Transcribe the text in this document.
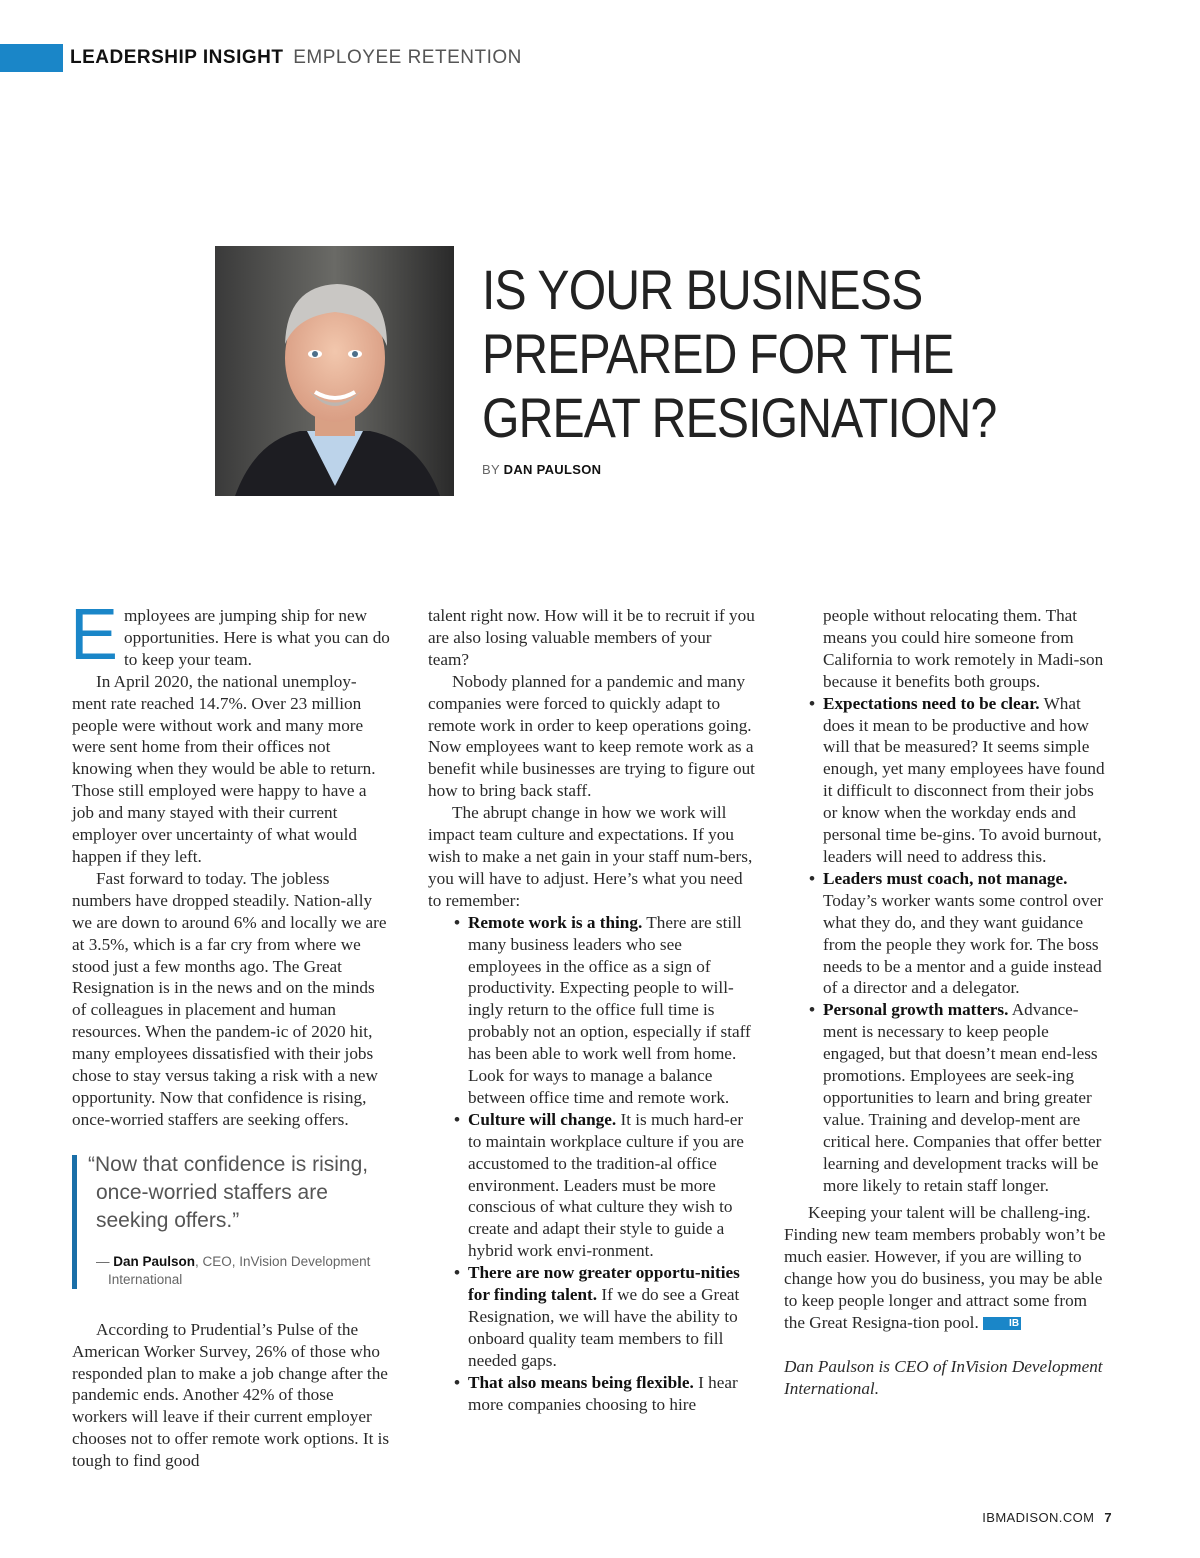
LEADERSHIP INSIGHT EMPLOYEE RETENTION
IS YOUR BUSINESS
PREPARED FOR THE
GREAT RESIGNATION?
BY DAN PAULSON

Employees are jumping ship for new opportunities. Here is what you can do to keep your team.

In April 2020, the national unemploy-ment rate reached 14.7%. Over 23 million people were without work and many more were sent home from their offices not knowing when they would be able to return. Those still employed were happy to have a job and many stayed with their current employer over uncertainty of what would happen if they left.

Fast forward to today. The jobless numbers have dropped steadily. Nation-ally we are down to around 6% and locally we are at 3.5%, which is a far cry from where we stood just a few months ago. The Great Resignation is in the news and on the minds of colleagues in placement and human resources. When the pandem-ic of 2020 hit, many employees dissatisfied with their jobs chose to stay versus taking a risk with a new opportunity. Now that confidence is rising, once-worried staffers are seeking offers.

“Now that confidence is rising, once-worried staffers are seeking offers.”

— Dan Paulson, CEO, InVision Development International

According to Prudential’s Pulse of the American Worker Survey, 26% of those who responded plan to make a job change after the pandemic ends. Another 42% of those workers will leave if their current employer chooses not to offer remote work options. It is tough to find good

talent right now. How will it be to recruit if you are also losing valuable members of your team?

Nobody planned for a pandemic and many companies were forced to quickly adapt to remote work in order to keep operations going. Now employees want to keep remote work as a benefit while businesses are trying to figure out how to bring back staff.

The abrupt change in how we work will impact team culture and expectations. If you wish to make a net gain in your staff num-bers, you will have to adjust. Here’s what you need to remember:

• Remote work is a thing. There are still many business leaders who see employees in the office as a sign of productivity. Expecting people to will-ingly return to the office full time is probably not an option, especially if staff has been able to work well from home. Look for ways to manage a balance between office time and remote work.
• Culture will change. It is much hard-er to maintain workplace culture if you are accustomed to the tradition-al office environment. Leaders must be more conscious of what culture they wish to create and adapt their style to guide a hybrid work envi-ronment.
• There are now greater opportu-nities for finding talent. If we do see a Great Resignation, we will have the ability to onboard quality team members to fill needed gaps.
• That also means being flexible. I hear more companies choosing to hire

people without relocating them. That means you could hire someone from California to work remotely in Madi-son because it benefits both groups.

• Expectations need to be clear. What does it mean to be productive and how will that be measured? It seems simple enough, yet many employees have found it difficult to disconnect from their jobs or know when the workday ends and personal time be-gins. To avoid burnout, leaders will need to address this.
• Leaders must coach, not manage. Today’s worker wants some control over what they do, and they want guidance from the people they work for. The boss needs to be a mentor and a guide instead of a director and a delegator.
• Personal growth matters. Advance-ment is necessary to keep people engaged, but that doesn’t mean end-less promotions. Employees are seek-ing opportunities to learn and bring greater value. Training and develop-ment are critical here. Companies that offer better learning and development tracks will be more likely to retain staff longer.

Keeping your talent will be challeng-ing. Finding new team members probably won’t be much easier. However, if you are willing to change how you do business, you may be able to keep people longer and attract some from the Great Resigna-tion pool.	IB

Dan Paulson is CEO of InVision Development International.

IBMADISON.COM 7
